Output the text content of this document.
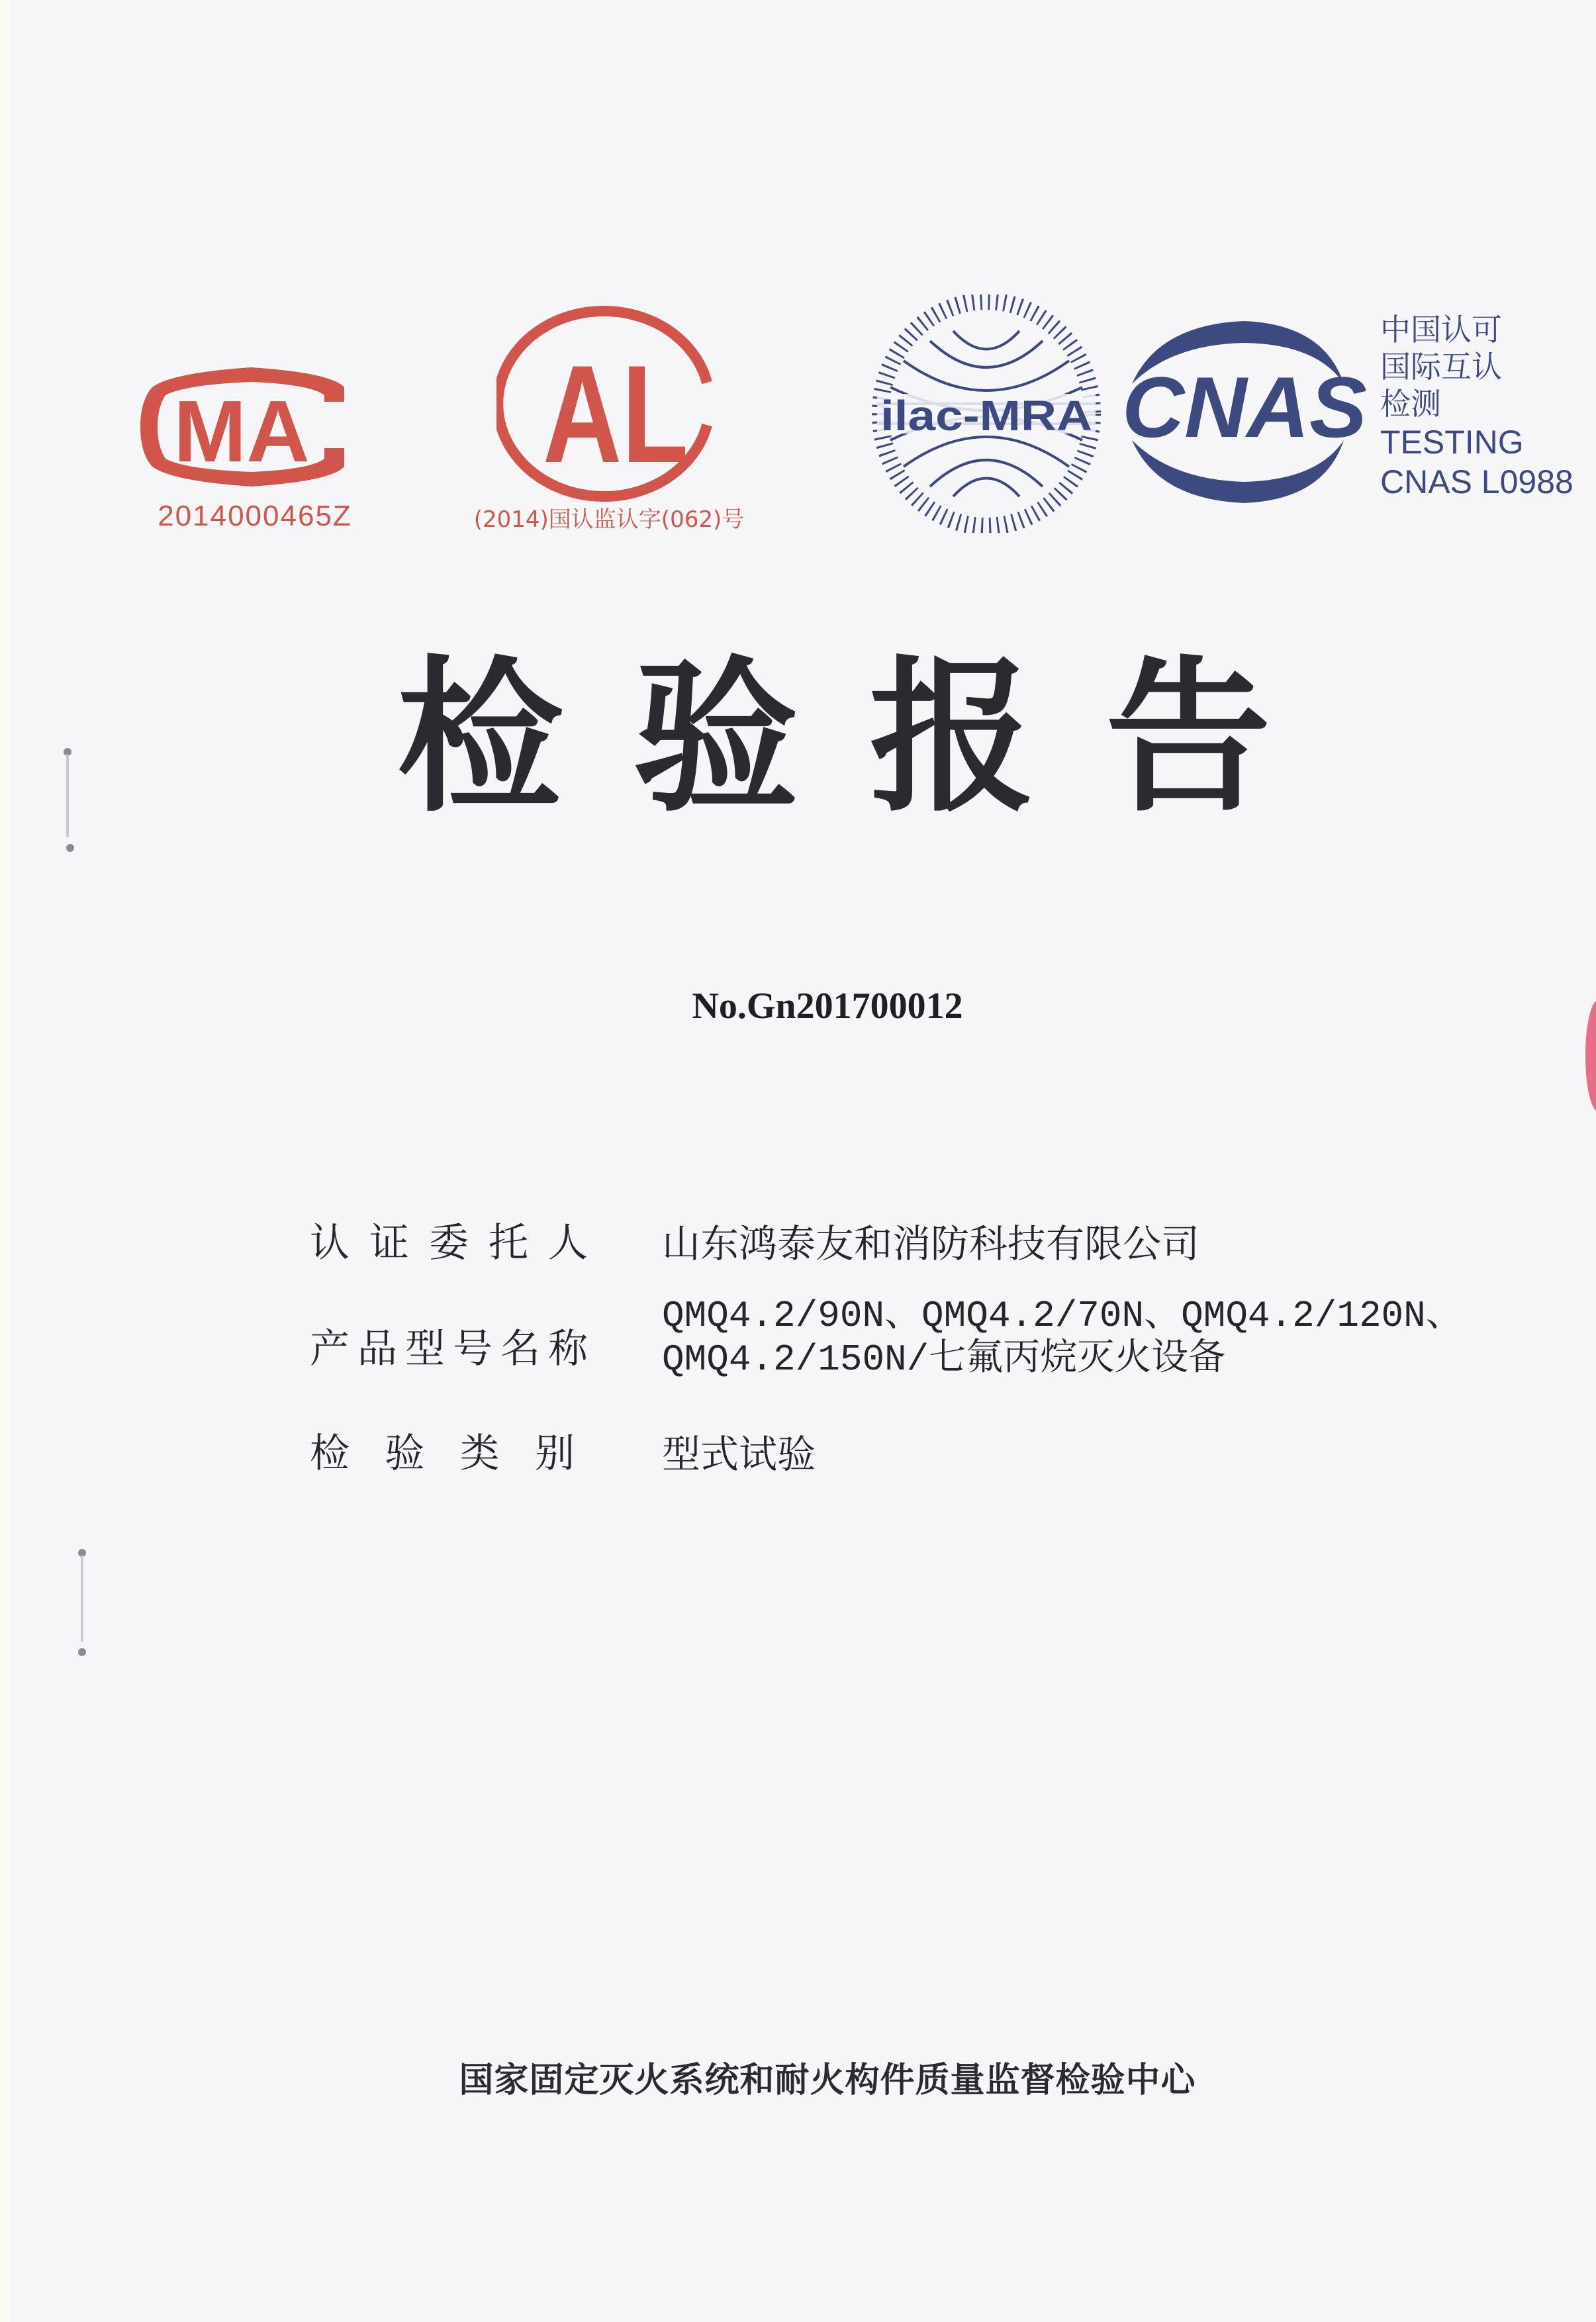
MA
2014000465Z
AL
(2014)国认监认字(062)号
ilac-MRA CNAS
中国认可
国际互认
检测
TESTING
CNAS L0988
检 验 报 告
No.Gn201700012
认 证 委 托 人 山东鸿泰友和消防科技有限公司
产 品 型 号 名 称
QMQ4.2/90N、QMQ4.2/70N、QMQ4.2/120N、
QMQ4.2/150N/七氟丙烷灭火设备
检 验 类 别 型式试验
国家固定灭火系统和耐火构件质量监督检验中心
